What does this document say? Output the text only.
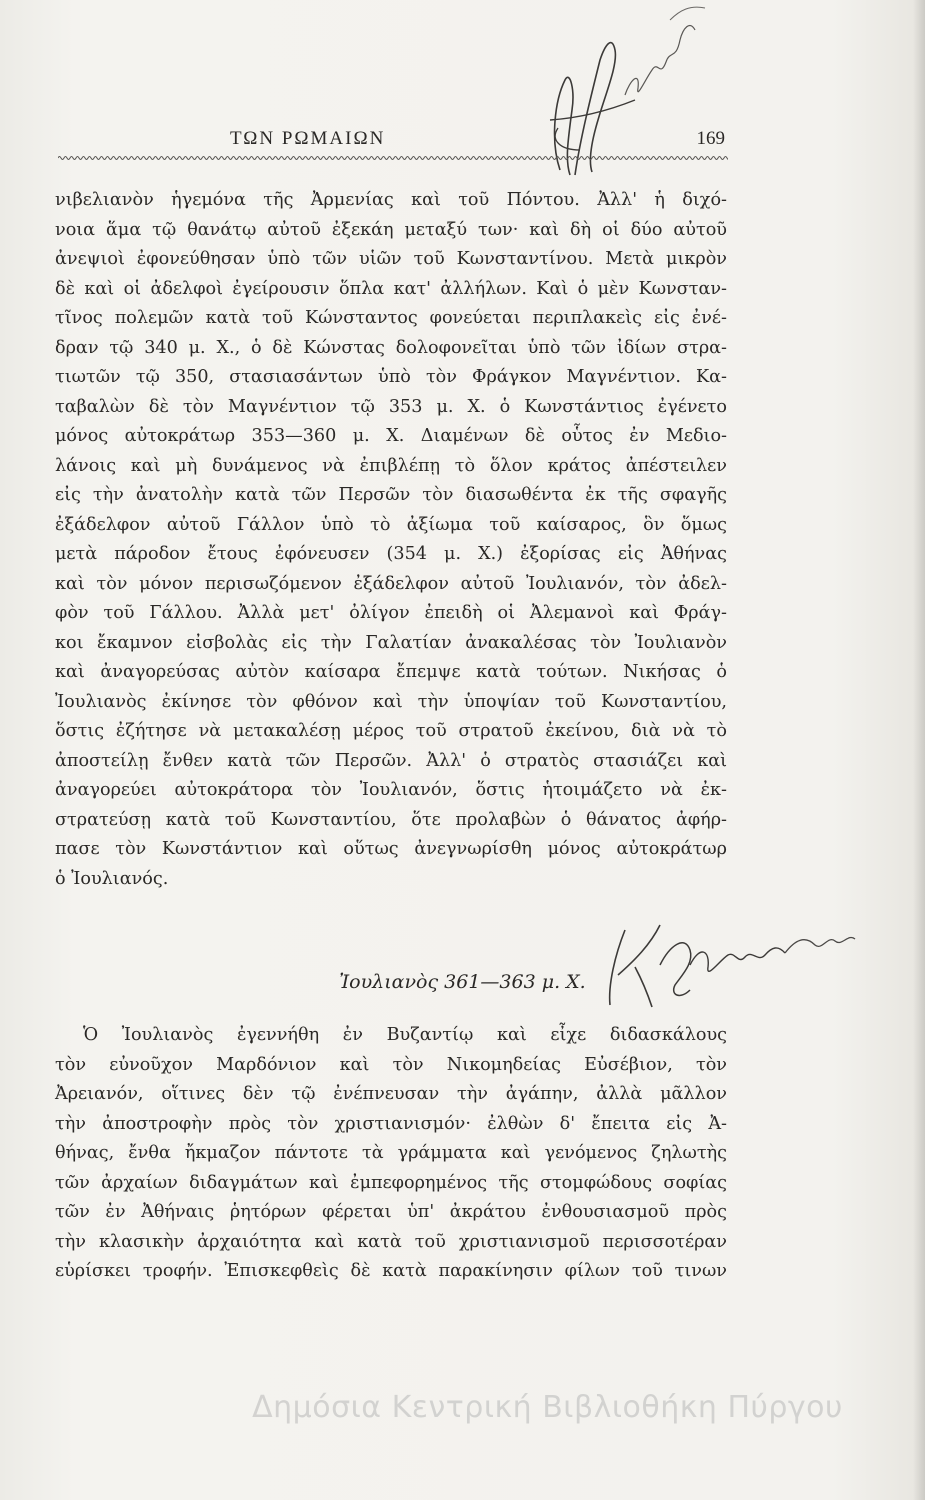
ΤΩΝ ΡΩΜΑΙΩΝ	169
νιβελιανὸν ἡγεμόνα τῆς Ἀρμενίας καὶ τοῦ Πόντου. Ἀλλ' ἡ διχό-
νοια ἅμα τῷ θανάτῳ αὐτοῦ ἐξεκάη μεταξύ των· καὶ δὴ οἱ δύο αὐτοῦ
ἀνεψιοὶ ἐφονεύθησαν ὑπὸ τῶν υἱῶν τοῦ Κωνσταντίνου. Μετὰ μικρὸν
δὲ καὶ οἱ ἀδελφοὶ ἐγείρουσιν ὅπλα κατ' ἀλλήλων. Καὶ ὁ μὲν Κωνσταν-
τῖνος πολεμῶν κατὰ τοῦ Κώνσταντος φονεύεται περιπλακεὶς εἰς ἐνέ-
δραν τῷ 340 μ. Χ., ὁ δὲ Κώνστας δολοφονεῖται ὑπὸ τῶν ἰδίων στρα-
τιωτῶν τῷ 350, στασιασάντων ὑπὸ τὸν Φράγκον Μαγνέντιον. Κα-
ταβαλὼν δὲ τὸν Μαγνέντιον τῷ 353 μ. Χ. ὁ Κωνστάντιος ἐγένετο
μόνος αὐτοκράτωρ 353—360 μ. Χ. Διαμένων δὲ οὗτος ἐν Μεδιο-
λάνοις καὶ μὴ δυνάμενος νὰ ἐπιβλέπῃ τὸ ὅλον κράτος ἀπέστειλεν
εἰς τὴν ἀνατολὴν κατὰ τῶν Περσῶν τὸν διασωθέντα ἐκ τῆς σφαγῆς
ἐξάδελφον αὐτοῦ Γάλλον ὑπὸ τὸ ἀξίωμα τοῦ καίσαρος, ὃν ὅμως
μετὰ πάροδον ἔτους ἐφόνευσεν (354 μ. Χ.) ἐξορίσας εἰς Ἀθήνας
καὶ τὸν μόνον περισωζόμενον ἐξάδελφον αὐτοῦ Ἰουλιανόν, τὸν ἀδελ-
φὸν τοῦ Γάλλου. Ἀλλὰ μετ' ὀλίγον ἐπειδὴ οἱ Ἀλεμανοὶ καὶ Φράγ-
κοι ἔκαμνον εἰσβολὰς εἰς τὴν Γαλατίαν ἀνακαλέσας τὸν Ἰουλιανὸν
καὶ ἀναγορεύσας αὐτὸν καίσαρα ἔπεμψε κατὰ τούτων. Νικήσας ὁ
Ἰουλιανὸς ἐκίνησε τὸν φθόνον καὶ τὴν ὑποψίαν τοῦ Κωνσταντίου,
ὅστις ἐζήτησε νὰ μετακαλέσῃ μέρος τοῦ στρατοῦ ἐκείνου, διὰ νὰ τὸ
ἀποστείλῃ ἔνθεν κατὰ τῶν Περσῶν. Ἀλλ' ὁ στρατὸς στασιάζει καὶ
ἀναγορεύει αὐτοκράτορα τὸν Ἰουλιανόν, ὅστις ἡτοιμάζετο νὰ ἐκ-
στρατεύσῃ κατὰ τοῦ Κωνσταντίου, ὅτε προλαβὼν ὁ θάνατος ἀφήρ-
πασε τὸν Κωνστάντιον καὶ οὕτως ἀνεγνωρίσθη μόνος αὐτοκράτωρ
ὁ Ἰουλιανός.
Ἰουλιανὸς 361—363 μ. Χ.
Ὁ Ἰουλιανὸς ἐγεννήθη ἐν Βυζαντίῳ καὶ εἶχε διδασκάλους
τὸν εὐνοῦχον Μαρδόνιον καὶ τὸν Νικομηδείας Εὐσέβιον, τὸν
Ἀρειανόν, οἵτινες δὲν τῷ ἐνέπνευσαν τὴν ἀγάπην, ἀλλὰ μᾶλλον
τὴν ἀποστροφὴν πρὸς τὸν χριστιανισμόν· ἐλθὼν δ' ἔπειτα εἰς Ἀ-
θήνας, ἔνθα ἤκμαζον πάντοτε τὰ γράμματα καὶ γενόμενος ζηλωτὴς
τῶν ἀρχαίων διδαγμάτων καὶ ἐμπεφορημένος τῆς στομφώδους σοφίας
τῶν ἐν Ἀθήναις ῥητόρων φέρεται ὑπ' ἀκράτου ἐνθουσιασμοῦ πρὸς
τὴν κλασικὴν ἀρχαιότητα καὶ κατὰ τοῦ χριστιανισμοῦ περισσοτέραν
εὑρίσκει τροφήν. Ἐπισκεφθεὶς δὲ κατὰ παρακίνησιν φίλων τοῦ τινων
Δημόσια Κεντρική Βιβλιοθήκη Πύργου
